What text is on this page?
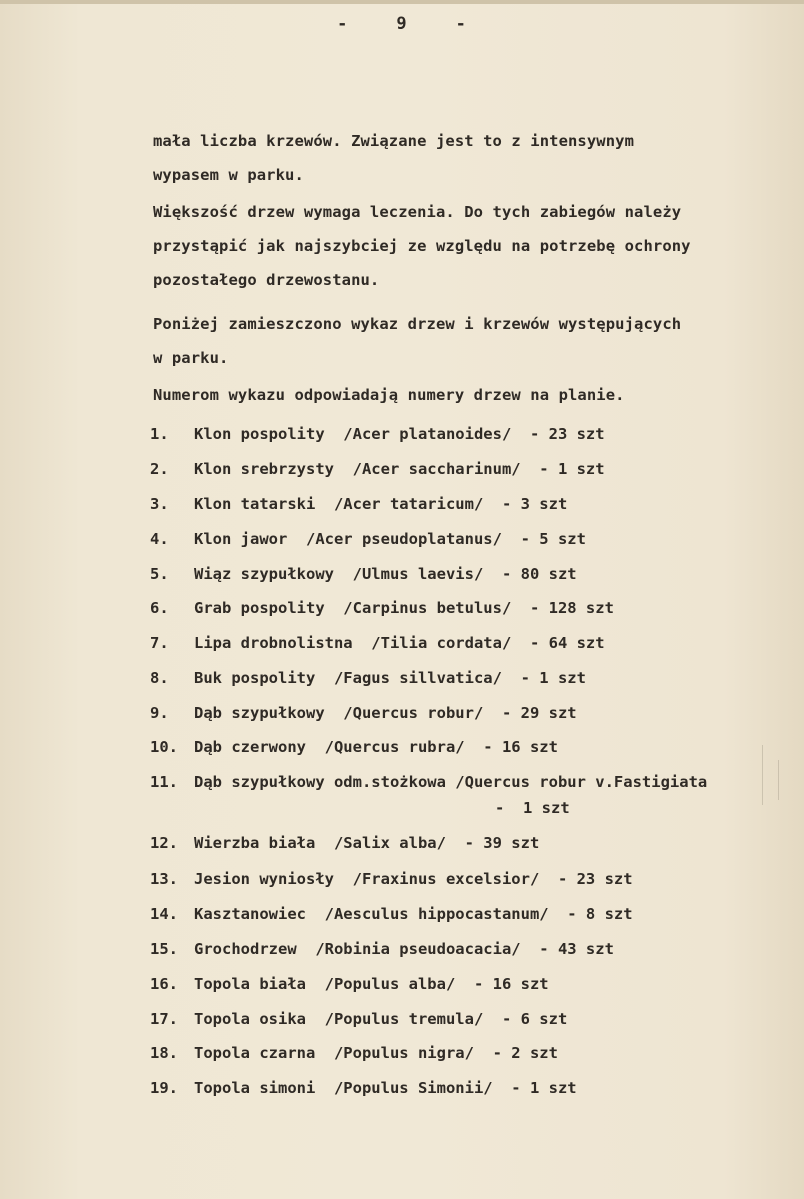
-	9	-
mała liczba krzewów. Związane jest to z intensywnym
wypasem w parku.
Większość drzew wymaga leczenia. Do tych zabiegów należy
przystąpić jak najszybciej ze względu na potrzebę ochrony
pozostałego drzewostanu.
Poniżej zamieszczono wykaz drzew i krzewów występujących
w parku.
Numerom wykazu odpowiadają numery drzew na planie.
1.	Klon pospolity  /Acer platanoides/  - 23 szt
2.	Klon srebrzysty  /Acer saccharinum/  - 1 szt
3.	Klon tatarski  /Acer tataricum/  - 3 szt
4.	Klon jawor  /Acer pseudoplatanus/  - 5 szt
5.	Wiąz szypułkowy  /Ulmus laevis/  - 80 szt
6.	Grab pospolity  /Carpinus betulus/  - 128 szt
7.	Lipa drobnolistna  /Tilia cordata/  - 64 szt
8.	Buk pospolity  /Fagus sillvatica/  - 1 szt
9.	Dąb szypułkowy  /Quercus robur/  - 29 szt
10.	Dąb czerwony  /Quercus rubra/  - 16 szt
11.	Dąb szypułkowy odm.stożkowa /Quercus robur v.Fastigiata
-  1 szt
12.	Wierzba biała  /Salix alba/  - 39 szt
13.	Jesion wyniosły  /Fraxinus excelsior/  - 23 szt
14.	Kasztanowiec  /Aesculus hippocastanum/  - 8 szt
15.	Grochodrzew  /Robinia pseudoacacia/  - 43 szt
16.	Topola biała  /Populus alba/  - 16 szt
17.	Topola osika  /Populus tremula/  - 6 szt
18.	Topola czarna  /Populus nigra/  - 2 szt
19.	Topola simoni  /Populus Simonii/  - 1 szt
